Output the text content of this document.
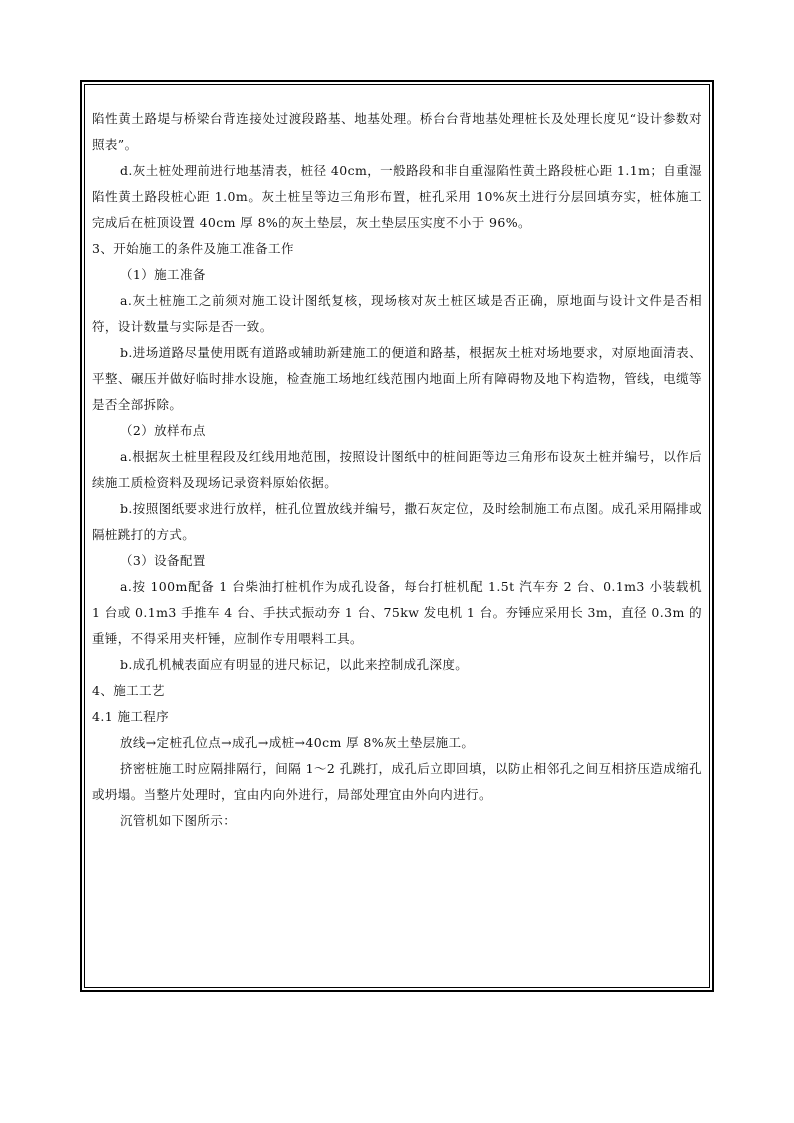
陷性黄土路堤与桥梁台背连接处过渡段路基、地基处理。桥台台背地基处理桩长及处理长度见“设计参数对照表”。

d.灰土桩处理前进行地基清表，桩径 40cm，一般路段和非自重湿陷性黄土路段桩心距 1.1m；自重湿陷性黄土路段桩心距 1.0m。灰土桩呈等边三角形布置，桩孔采用 10%灰土进行分层回填夯实，桩体施工完成后在桩顶设置 40cm 厚 8%的灰土垫层，灰土垫层压实度不小于 96%。

3、开始施工的条件及施工准备工作

（1）施工准备

a.灰土桩施工之前须对施工设计图纸复核，现场核对灰土桩区域是否正确，原地面与设计文件是否相符，设计数量与实际是否一致。

b.进场道路尽量使用既有道路或辅助新建施工的便道和路基，根据灰土桩对场地要求，对原地面清表、平整、碾压并做好临时排水设施，检查施工场地红线范围内地面上所有障碍物及地下构造物，管线，电缆等是否全部拆除。

（2）放样布点

a.根据灰土桩里程段及红线用地范围，按照设计图纸中的桩间距等边三角形布设灰土桩并编号，以作后续施工质检资料及现场记录资料原始依据。

b.按照图纸要求进行放样，桩孔位置放线并编号，撒石灰定位，及时绘制施工布点图。成孔采用隔排或隔桩跳打的方式。

（3）设备配置

a.按 100m配备 1 台柴油打桩机作为成孔设备，每台打桩机配 1.5t 汽车夯 2 台、0.1m3 小装载机 1 台或 0.1m3 手推车 4 台、手扶式振动夯 1 台、75kw 发电机 1 台。夯锤应采用长 3m，直径 0.3m 的重锤，不得采用夹杆锤，应制作专用喂料工具。

b.成孔机械表面应有明显的进尺标记，以此来控制成孔深度。

4、施工工艺

4.1 施工程序

放线→定桩孔位点→成孔→成桩→40cm 厚 8%灰土垫层施工。

挤密桩施工时应隔排隔行，间隔 1～2 孔跳打，成孔后立即回填，以防止相邻孔之间互相挤压造成缩孔或坍塌。当整片处理时，宜由内向外进行，局部处理宜由外向内进行。

沉管机如下图所示：
